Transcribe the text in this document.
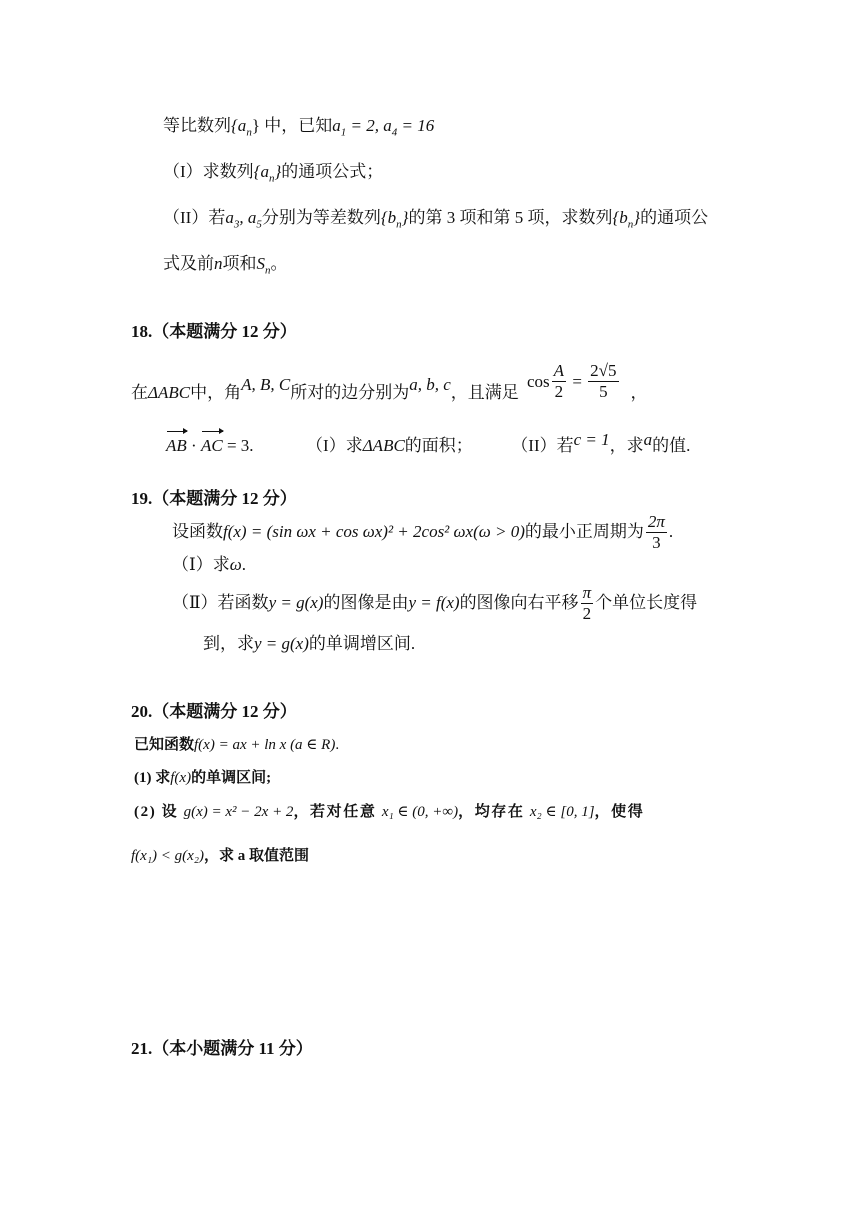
等比数列$\{a_n\}$ 中，已知$a_1 = 2$, $a_4 = 16$
（I）求数列$\{a_n\}$的通项公式；
（II）若$a_3$, $a_5$分别为等差数列$\{b_n\}$的第 3 项和第 5 项，求数列$\{b_n\}$的通项公
式及前n项和$S_n$。
18.（本题满分 12 分）
在ΔABC中，角A, B, C所对的边分别为a, b, c，且满足 $\cos \frac{A}{2} = \frac{2√5}{5}$ ，
AB · AC = 3.	（I）求ΔABC的面积； （II）若c = 1，求a的值.
19.（本题满分 12 分）
设函数f(x) = (sin ωx + cos ωx)² + 2cos² ωx(ω > 0)的最小正周期为 $\frac{2\pi}{3}$ .
（Ⅰ）求ω.
（Ⅱ）若函数y = g(x)的图像是由y = f(x)的图像向右平移 $\frac{\pi}{2}$ 个单位长度得
到，求y = g(x)的单调增区间.
20.（本题满分 12 分）
已知函数f(x) = ax + ln x (a ∈ R).
(1) 求f(x)的单调区间;
(2) 设 g(x) = x² − 2x + 2，若对任意 x₁ ∈ (0, +∞)，均存在 x₂ ∈ [0, 1]，使得
f(x₁) < g(x₂)，求 a 取值范围
21.（本小题满分 11 分）
